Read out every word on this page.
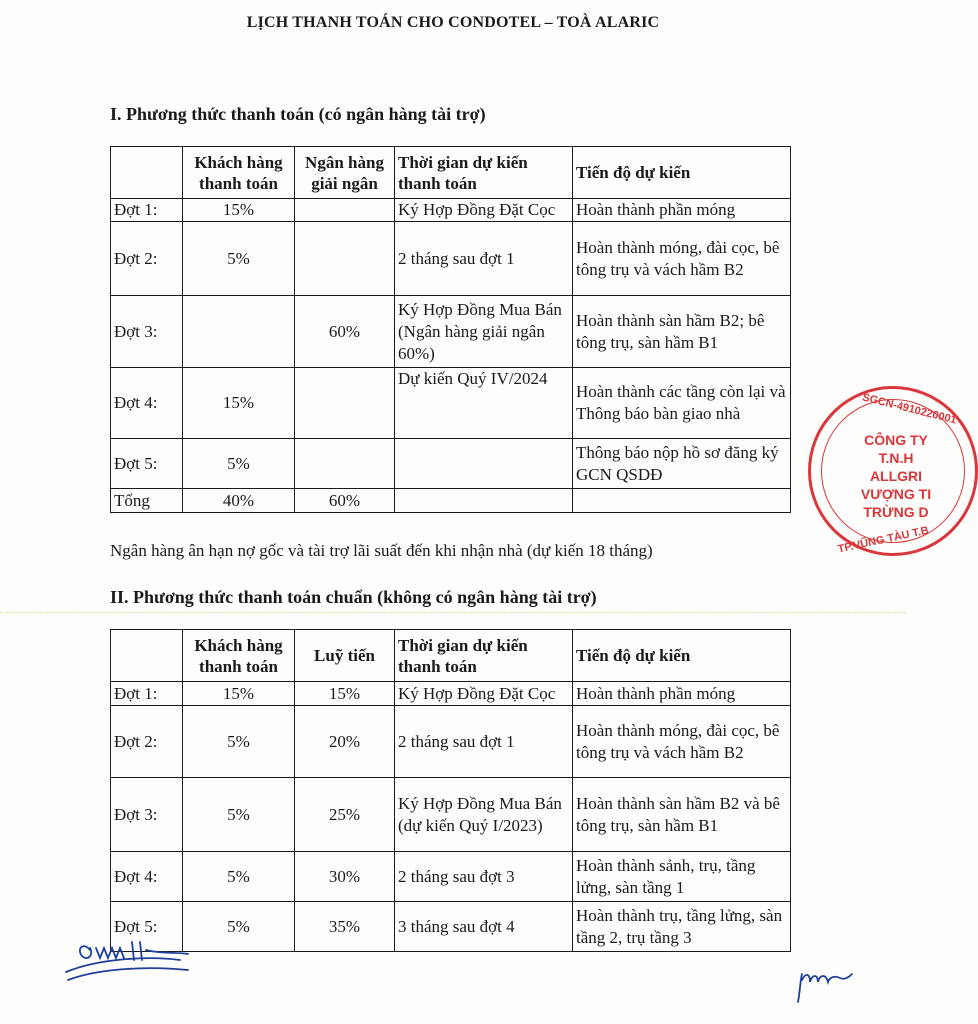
LỊCH THANH TOÁN CHO CONDOTEL – TOÀ ALARIC
I. Phương thức thanh toán (có ngân hàng tài trợ)
	Khách hàng thanh toán	Ngân hàng giải ngân	Thời gian dự kiến thanh toán	Tiến độ dự kiến
Đợt 1:	15%		Ký Hợp Đồng Đặt Cọc	Hoàn thành phần móng
Đợt 2:	5%		2 tháng sau đợt 1	Hoàn thành móng, đài cọc, bê tông trụ và vách hầm B2
Đợt 3:		60%	Ký Hợp Đồng Mua Bán (Ngân hàng giải ngân 60%)	Hoàn thành sàn hầm B2; bê tông trụ, sàn hầm B1
Đợt 4:	15%		Dự kiến Quý IV/2024	Hoàn thành các tầng còn lại và Thông báo bàn giao nhà
Đợt 5:	5%			Thông báo nộp hồ sơ đăng ký GCN QSDĐ
Tổng	40%	60%		
Ngân hàng ân hạn nợ gốc và tài trợ lãi suất đến khi nhận nhà (dự kiến 18 tháng)
II. Phương thức thanh toán chuẩn (không có ngân hàng tài trợ)
	Khách hàng thanh toán	Luỹ tiến	Thời gian dự kiến thanh toán	Tiến độ dự kiến
Đợt 1:	15%	15%	Ký Hợp Đồng Đặt Cọc	Hoàn thành phần móng
Đợt 2:	5%	20%	2 tháng sau đợt 1	Hoàn thành móng, đài cọc, bê tông trụ và vách hầm B2
Đợt 3:	5%	25%	Ký Hợp Đồng Mua Bán (dự kiến Quý I/2023)	Hoàn thành sàn hầm B2 và bê tông trụ, sàn hầm B1
Đợt 4:	5%	30%	2 tháng sau đợt 3	Hoàn thành sảnh, trụ, tầng lửng, sàn tầng 1
Đợt 5:	5%	35%	3 tháng sau đợt 4	Hoàn thành trụ, tầng lửng, sàn tầng 2, trụ tầng 3
SGCN-4910220001
CÔNG TY
T.N.H
ALLGRI
VƯỢNG TI
TRỪNG D
TP.VŨNG TÀU T.B
